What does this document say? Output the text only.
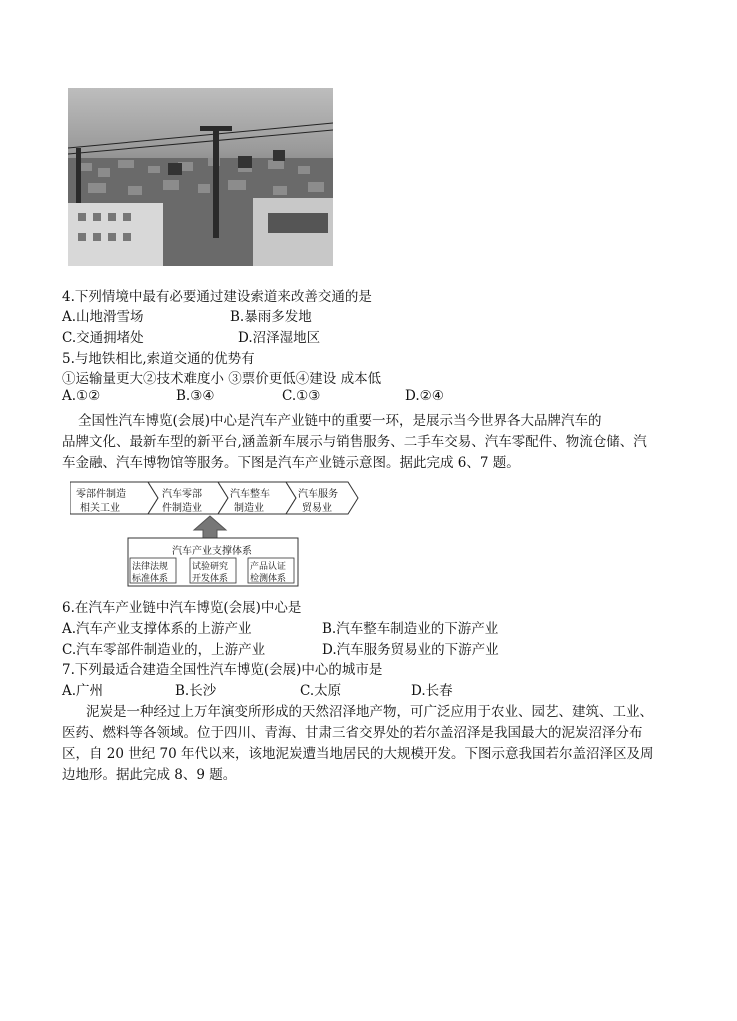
4.下列情境中最有必要通过建设索道来改善交通的是
A.山地滑雪场	B.暴雨多发地
C.交通拥堵处	D.沼泽湿地区
5.与地铁相比,索道交通的优势有
①运输量更大②技术难度小 ③票价更低④建设 成本低
A.①②	B.③④	C.①③	D.②④
全国性汽车博览(会展)中心是汽车产业链中的重要一环，是展示当今世界各大品牌汽车的
品牌文化、最新车型的新平台,涵盖新车展示与销售服务、二手车交易、汽车零配件、物流仓储、汽
车金融、汽车博物馆等服务。下图是汽车产业链示意图。据此完成 6、7 题。
零部件制造
相关工业
汽车零部
件制造业
汽车整车
制造业
汽车服务
贸易业
汽车产业支撑体系
法律法规
标准体系
试验研究
开发体系
产品认证
检测体系
6.在汽车产业链中汽车博览(会展)中心是
A.汽车产业支撑体系的上游产业	B.汽车整车制造业的下游产业
C.汽车零部件制造业的，上游产业	D.汽车服务贸易业的下游产业
7.下列最适合建造全国性汽车博览(会展)中心的城市是
A.广州	B.长沙	C.太原	D.长春
泥炭是一种经过上万年演变所形成的天然沼泽地产物，可广泛应用于农业、园艺、建筑、工业、
医药、燃料等各领域。位于四川、青海、甘肃三省交界处的若尔盖沼泽是我国最大的泥炭沼泽分布
区，自 20 世纪 70 年代以来，该地泥炭遭当地居民的大规模开发。下图示意我国若尔盖沼泽区及周
边地形。据此完成 8、9 题。
